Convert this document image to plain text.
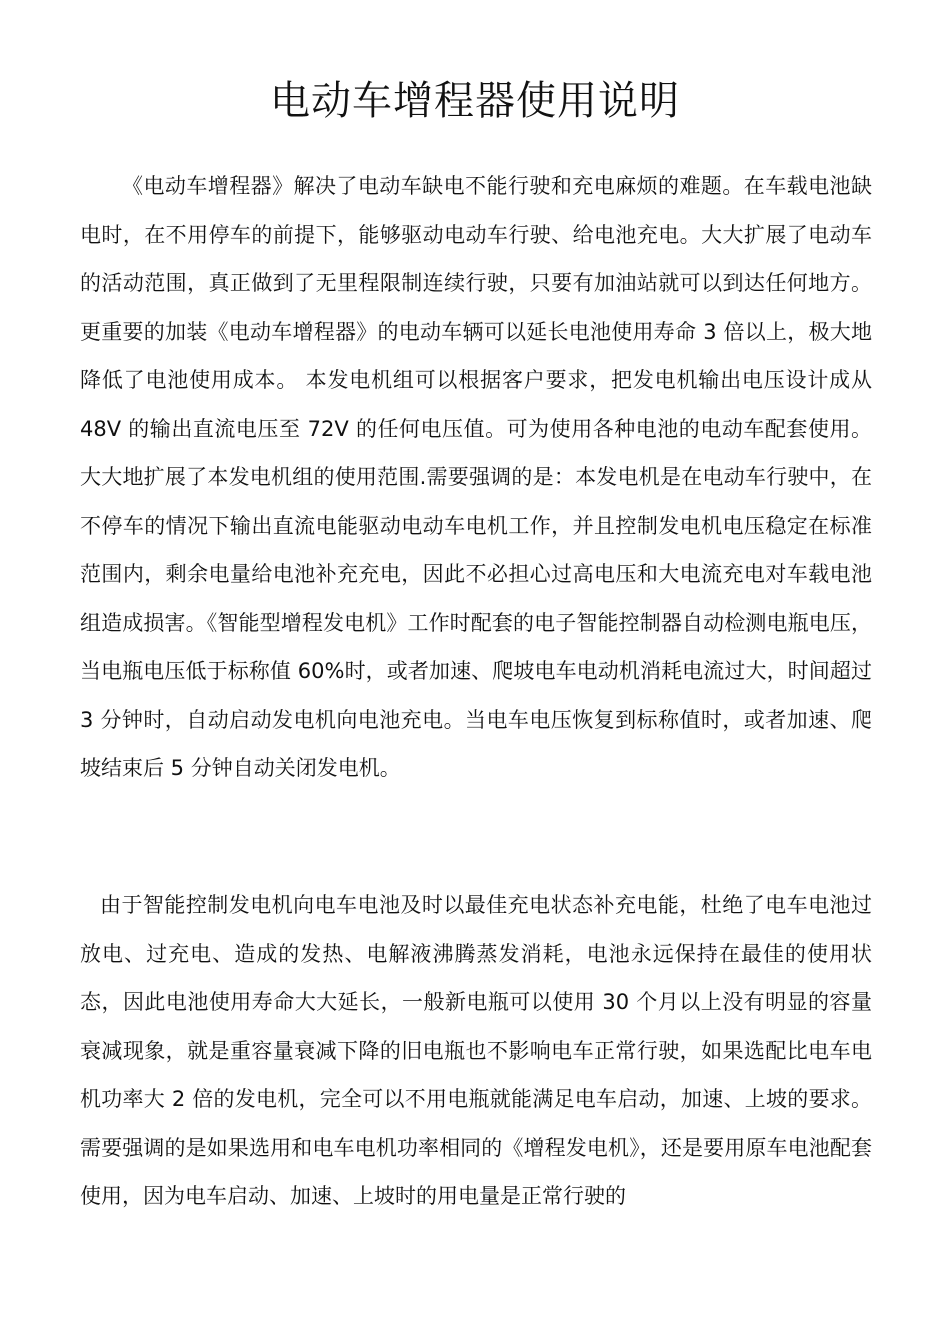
电动车增程器使用说明

《电动车增程器》解决了电动车缺电不能行驶和充电麻烦的难题。在车载电池缺电时，在不用停车的前提下，能够驱动电动车行驶、给电池充电。大大扩展了电动车的活动范围，真正做到了无里程限制连续行驶，只要有加油站就可以到达任何地方。更重要的加装《电动车增程器》的电动车辆可以延长电池使用寿命 3 倍以上，极大地降低了电池使用成本。 本发电机组可以根据客户要求，把发电机输出电压设计成从 48V 的输出直流电压至 72V 的任何电压值。可为使用各种电池的电动车配套使用。大大地扩展了本发电机组的使用范围.需要强调的是：本发电机是在电动车行驶中，在不停车的情况下输出直流电能驱动电动车电机工作，并且控制发电机电压稳定在标准范围内，剩余电量给电池补充充电，因此不必担心过高电压和大电流充电对车载电池组造成损害。《智能型增程发电机》工作时配套的电子智能控制器自动检测电瓶电压，当电瓶电压低于标称值 60%时，或者加速、爬坡电车电动机消耗电流过大，时间超过 3 分钟时，自动启动发电机向电池充电。当电车电压恢复到标称值时，或者加速、爬坡结束后 5 分钟自动关闭发电机。

由于智能控制发电机向电车电池及时以最佳充电状态补充电能，杜绝了电车电池过放电、过充电、造成的发热、电解液沸腾蒸发消耗，电池永远保持在最佳的使用状态，因此电池使用寿命大大延长，一般新电瓶可以使用 30 个月以上没有明显的容量衰减现象，就是重容量衰减下降的旧电瓶也不影响电车正常行驶，如果选配比电车电机功率大 2 倍的发电机，完全可以不用电瓶就能满足电车启动，加速、上坡的要求。需要强调的是如果选用和电车电机功率相同的《增程发电机》，还是要用原车电池配套使用，因为电车启动、加速、上坡时的用电量是正常行驶的
